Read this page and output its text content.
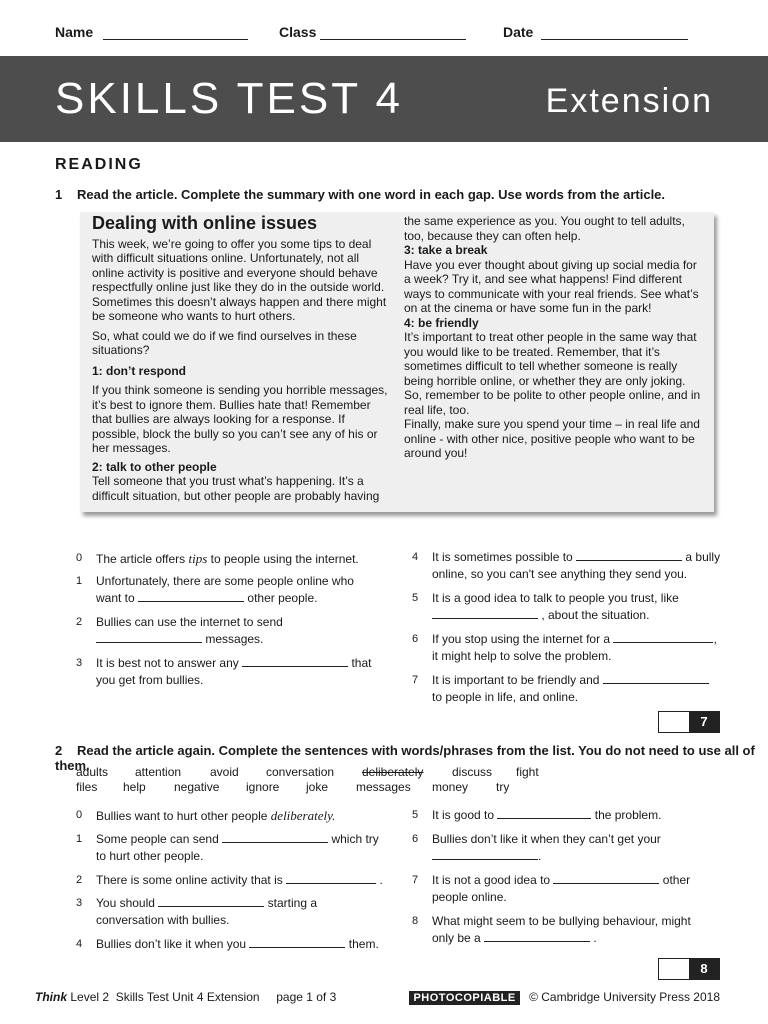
Name	Class	Date
SKILLS TEST 4	Extension
READING
1 Read the article. Complete the summary with one word in each gap. Use words from the article.
Dealing with online issues

This week, we’re going to offer you some tips to deal with difficult situations online. Unfortunately, not all online activity is positive and everyone should behave respectfully online just like they do in the outside world. Sometimes this doesn’t always happen and there might be someone who wants to hurt others.

So, what could we do if we find ourselves in these situations?

1: don’t respond

If you think someone is sending you horrible messages, it’s best to ignore them. Bullies hate that! Remember that bullies are always looking for a response. If possible, block the bully so you can’t see any of his or her messages.

2: talk to other people

Tell someone that you trust what’s happening. It’s a difficult situation, but other people are probably having

the same experience as you. You ought to tell adults, too, because they can often help.

3: take a break

Have you ever thought about giving up social media for a week? Try it, and see what happens! Find different ways to communicate with your real friends. See what’s on at the cinema or have some fun in the park!

4: be friendly

It’s important to treat other people in the same way that you would like to be treated. Remember, that it’s sometimes difficult to tell whether someone is really being horrible online, or whether they are only joking. So, remember to be polite to other people online, and in real life, too.

Finally, make sure you spend your time – in real life and online - with other nice, positive people who want to be around you!

0	The article offers tips to people using the internet.
1	Unfortunately, there are some people online who want to	other people.
2	Bullies can use the internet to send
messages.
3	It is best not to answer any	that you get from bullies.
4	It is sometimes possible to	a bully online, so you can't see anything they send you.
5	It is a good idea to talk to people you trust, like
, about the situation.
6	If you stop using the internet for a	,
it might help to solve the problem.
7	It is important to be friendly and
to people in life, and online.
7
2 Read the article again. Complete the sentences with words/phrases from the list. You do not need to use all of them.
adults attention avoid conversation deliberately discuss fight
files help negative ignore joke messages money try
0	Bullies want to hurt other people deliberately.
1	Some people can send	which try
to hurt other people.
2	There is some online activity that is	.
3	You should	starting a
conversation with bullies.
4	Bullies don’t like it when you	them.
5	It is good to	the problem.
6	Bullies don’t like it when they can’t get your
.
7	It is not a good idea to	other
people online.
8	What might seem to be bullying behaviour, might
only be a	.
8
Think Level 2  Skills Test Unit 4 Extension     page 1 of 3	PHOTOCOPIABLE © Cambridge University Press 2018
